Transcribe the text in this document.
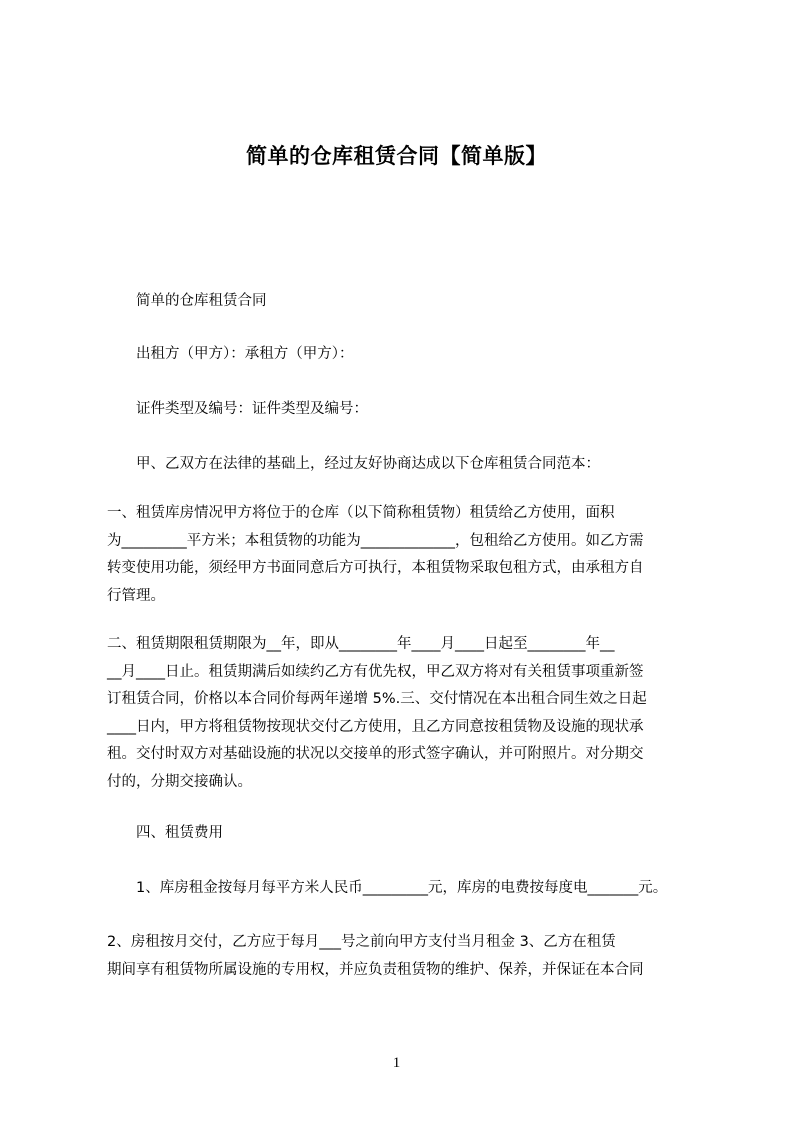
简单的仓库租赁合同【简单版】
简单的仓库租赁合同
出租方（甲方）：承租方（甲方）：
证件类型及编号：证件类型及编号：
甲、乙双方在法律的基础上，经过友好协商达成以下仓库租赁合同范本：
一、租赁库房情况甲方将位于的仓库（以下简称租赁物）租赁给乙方使用，面积
为_________平方米；本租赁物的功能为_____________，包租给乙方使用。如乙方需
转变使用功能，须经甲方书面同意后方可执行，本租赁物采取包租方式，由承租方自
行管理。
二、租赁期限租赁期限为__年，即从________年____月____日起至________年__
__月____日止。租赁期满后如续约乙方有优先权，甲乙双方将对有关租赁事项重新签
订租赁合同，价格以本合同价每两年递增 5%.三、交付情况在本出租合同生效之日起
____日内，甲方将租赁物按现状交付乙方使用，且乙方同意按租赁物及设施的现状承
租。交付时双方对基础设施的状况以交接单的形式签字确认，并可附照片。对分期交
付的，分期交接确认。
四、租赁费用
1、库房租金按每月每平方米人民币_________元，库房的电费按每度电_______元。
2、房租按月交付，乙方应于每月___号之前向甲方支付当月租金 3、乙方在租赁
期间享有租赁物所属设施的专用权，并应负责租赁物的维护、保养，并保证在本合同
1
